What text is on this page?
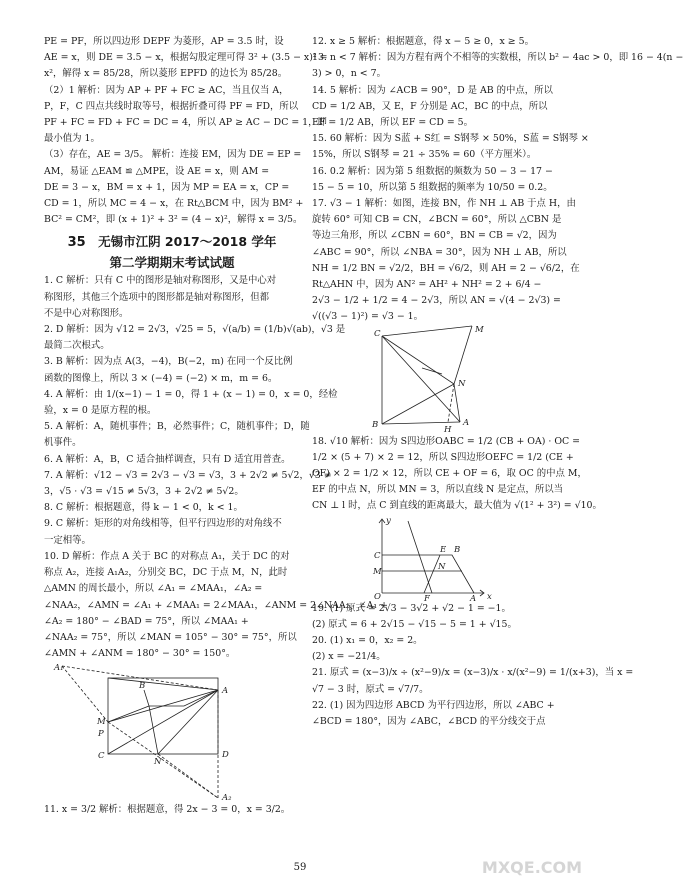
PE = PF，所以四边形 DEPF 为菱形，AP = 3.5 时，设

AE = x，则 DE = 3.5 − x，根据勾股定理可得 3² + (3.5 − x)² =

x²，解得 x = 85/28，所以菱形 EPFD 的边长为 85/28。

（2）1 解析：因为 AP + PF + FC ≥ AC，当且仅当 A，

P，F，C 四点共线时取等号，根据折叠可得 PF = FD，所以

PF + FC = FD + FC = DC = 4，所以 AP ≥ AC − DC = 1，即

最小值为 1。

（3）存在，AE = 3/5。 解析：连接 EM，因为 DE = EP =

AM，易证 △EAM ≌ △MPE，设 AE = x，则 AM =

DE = 3 − x，BM = x + 1，因为 MP = EA = x，CP =

CD = 1，所以 MC = 4 − x，在 Rt△BCM 中，因为 BM² +

BC² = CM²，即 (x + 1)² + 3² = (4 − x)²，解得 x = 3/5。

35 无锡市江阴 2017～2018 学年
第二学期期末考试试题

1. C 解析：只有 C 中的图形是轴对称图形，又是中心对

称图形，其他三个选项中的图形都是轴对称图形，但都

不是中心对称图形。

2. D 解析：因为 √12 = 2√3，√25 = 5，√(a/b) = (1/b)√(ab)，√3 是

最简二次根式。

3. B 解析：因为点 A(3，−4)，B(−2，m) 在同一个反比例

函数的图像上，所以 3 × (−4) = (−2) × m，m = 6。

4. A 解析：由 1/(x−1) − 1 = 0，得 1 + (x − 1) = 0，x = 0，经检

验，x = 0 是原方程的根。

5. A 解析：A，随机事件；B，必然事件；C，随机事件；D，随

机事件。

6. A 解析：A，B，C 适合抽样调查，只有 D 适宜用普查。

7. A 解析：√12 − √3 = 2√3 − √3 = √3，3 + 2√2 ≠ 5√2，√3 ≠

3，√5 · √3 = √15 ≠ 5√3，3 + 2√2 ≠ 5√2。

8. C 解析：根据题意，得 k − 1 < 0，k < 1。

9. C 解析：矩形的对角线相等，但平行四边形的对角线不

一定相等。

10. D 解析：作点 A 关于 BC 的对称点 A₁，关于 DC 的对

称点 A₂，连接 A₁A₂，分别交 BC，DC 于点 M，N，此时

△AMN 的周长最小，所以 ∠A₁ = ∠MAA₁，∠A₂ =

∠NAA₂，∠AMN = ∠A₁ + ∠MAA₁ = 2∠MAA₁，∠ANM = 2∠NAA₂，∠A₁ +

∠A₂ = 180° − ∠BAD = 75°，所以 ∠MAA₁ +

∠NAA₂ = 75°，所以 ∠MAN = 105° − 30° = 75°，所以

∠AMN + ∠ANM = 180° − 30° = 150°。

A₁
B	A
M
P
C
N
D
A₂

11. x = 3/2 解析：根据题意，得 2x − 3 = 0，x = 3/2。

12. x ≥ 5 解析：根据题意，得 x − 5 ≥ 0，x ≥ 5。

13. n < 7 解析：因为方程有两个不相等的实数根，所以 b² − 4ac > 0，即 16 − 4(n −

3) > 0，n < 7。

14. 5 解析：因为 ∠ACB = 90°，D 是 AB 的中点，所以

CD = 1/2 AB，又 E，F 分别是 AC，BC 的中点，所以

EF = 1/2 AB，所以 EF = CD = 5。

15. 60 解析：因为 S蓝 + S红 = S钢琴 × 50%，S蓝 = S钢琴 ×

15%，所以 S钢琴 = 21 ÷ 35% = 60（平方厘米）。

16. 0.2 解析：因为第 5 组数据的频数为 50 − 3 − 17 −

15 − 5 = 10，所以第 5 组数据的频率为 10/50 = 0.2。

17. √3 − 1 解析：如图，连接 BN，作 NH ⊥ AB 于点 H，由

旋转 60° 可知 CB = CN，∠BCN = 60°，所以 △CBN 是

等边三角形，所以 ∠CBN = 60°，BN = CB = √2，因为

∠ABC = 90°，所以 ∠NBA = 30°，因为 NH ⊥ AB，所以

NH = 1/2 BN = √2/2，BH = √6/2，则 AH = 2 − √6/2，在

Rt△AHN 中，因为 AN² = AH² + NH² = 2 + 6/4 −

2√3 − 1/2 + 1/2 = 4 − 2√3，所以 AN = √(4 − 2√3) =

√((√3 − 1)²) = √3 − 1。

C	M
N
B	H
A

18. √10 解析：因为 S四边形OABC = 1/2 (CB + OA) · OC =

1/2 × (5 + 7) × 2 = 12，所以 S四边形OEFC = 1/2 (CE +

OF) × 2 = 1/2 × 12，所以 CE + OF = 6，取 OC 的中点 M，

EF 的中点 N，所以 MN = 3，所以直线 N 是定点，所以当

CN ⊥ l 时，点 C 到直线的距离最大，最大值为 √(1² + 3²) = √10。

y
C
E B
M	N
O	F	A x

19. (1) 原式 = 2√3 − 3√2 + √2 − 1 = −1。

(2) 原式 = 6 + 2√15 − √15 − 5 = 1 + √15。

20. (1) x₁ = 0，x₂ = 2。

(2) x = −21/4。

21. 原式 = (x−3)/x ÷ (x²−9)/x = (x−3)/x · x/(x²−9) = 1/(x+3)，当 x =

√7 − 3 时，原式 = √7/7。

22. (1) 因为四边形 ABCD 为平行四边形，所以 ∠ABC +

∠BCD = 180°，因为 ∠ABC，∠BCD 的平分线交于点

59	MXQE.COM
